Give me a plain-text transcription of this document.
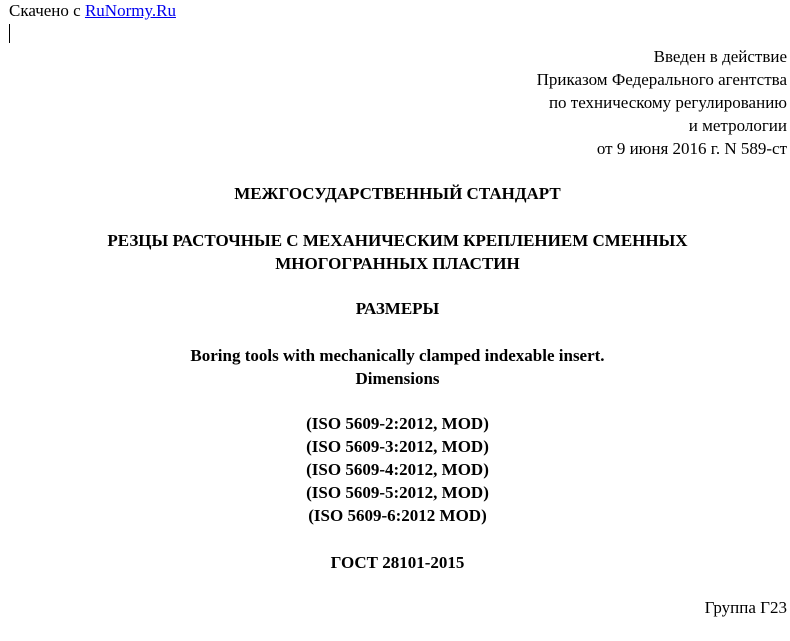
Скачено с RuNormy.Ru
Введен в действие
Приказом Федерального агентства
по техническому регулированию
и метрологии
от 9 июня 2016 г. N 589-ст
МЕЖГОСУДАРСТВЕННЫЙ СТАНДАРТ
РЕЗЦЫ РАСТОЧНЫЕ С МЕХАНИЧЕСКИМ КРЕПЛЕНИЕМ СМЕННЫХ
МНОГОГРАННЫХ ПЛАСТИН
РАЗМЕРЫ
Boring tools with mechanically clamped indexable insert.
Dimensions
(ISO 5609-2:2012, MOD)
(ISO 5609-3:2012, MOD)
(ISO 5609-4:2012, MOD)
(ISO 5609-5:2012, MOD)
(ISO 5609-6:2012 MOD)
ГОСТ 28101-2015
Группа Г23
